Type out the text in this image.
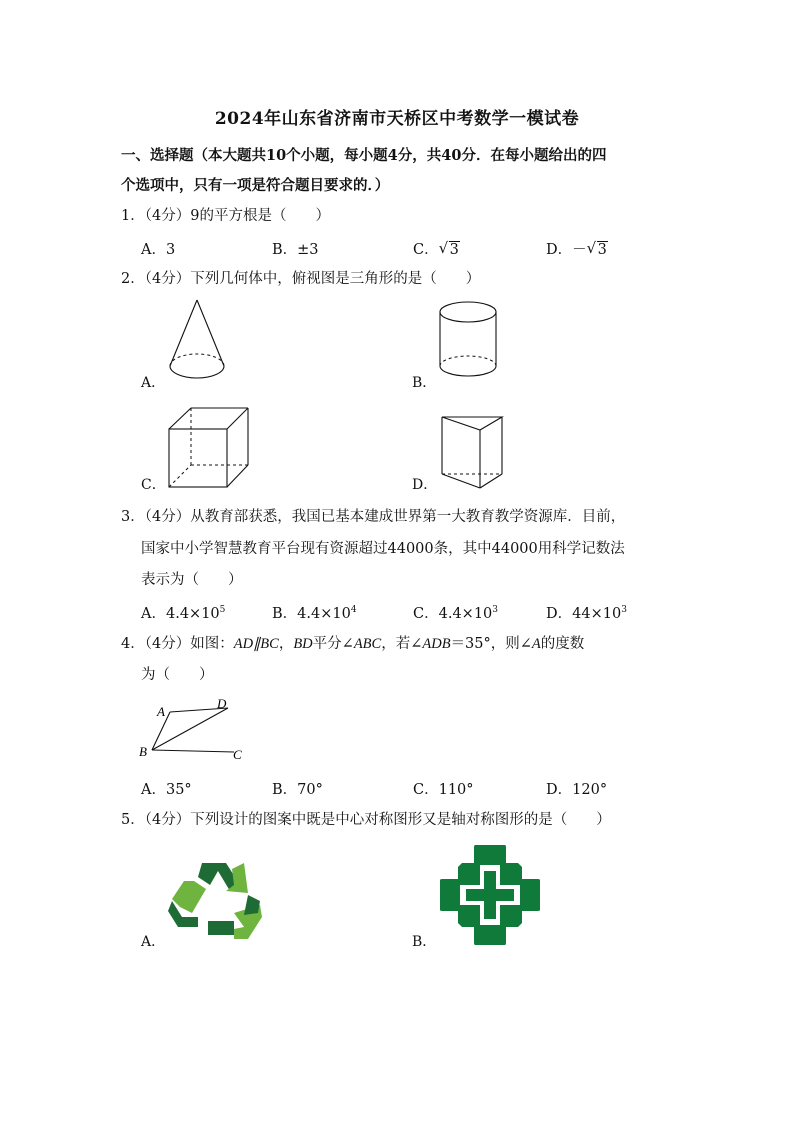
2024年山东省济南市天桥区中考数学一模试卷
一、选择题（本大题共10个小题，每小题4分，共40分．在每小题给出的四
个选项中，只有一项是符合题目要求的．）
1．（4分）9的平方根是（　　）
A．3	B．±3	C． √ 3	D．－ √ 3
2．（4分）下列几何体中，俯视图是三角形的是（　　）
A．	B．
C．	D．
3．（4分）从教育部获悉，我国已基本建成世界第一大教育教学资源库．目前，
国家中小学智慧教育平台现有资源超过44000条，其中44000用科学记数法
表示为（　　）
A．$4.4\times 10^5$	B．$4.4\times 10^4$	C．$4.4\times 10^3$	D．$44\times 10^3$
4．（4分）如图：AD∥BC，BD平分∠ABC，若∠ADB＝35°，则∠A的度数
为（　　）
A
D
B	C
A．35°	B．70°	C．110°	D．120°
5．（4分）下列设计的图案中既是中心对称图形又是轴对称图形的是（　　）
A．	B．
